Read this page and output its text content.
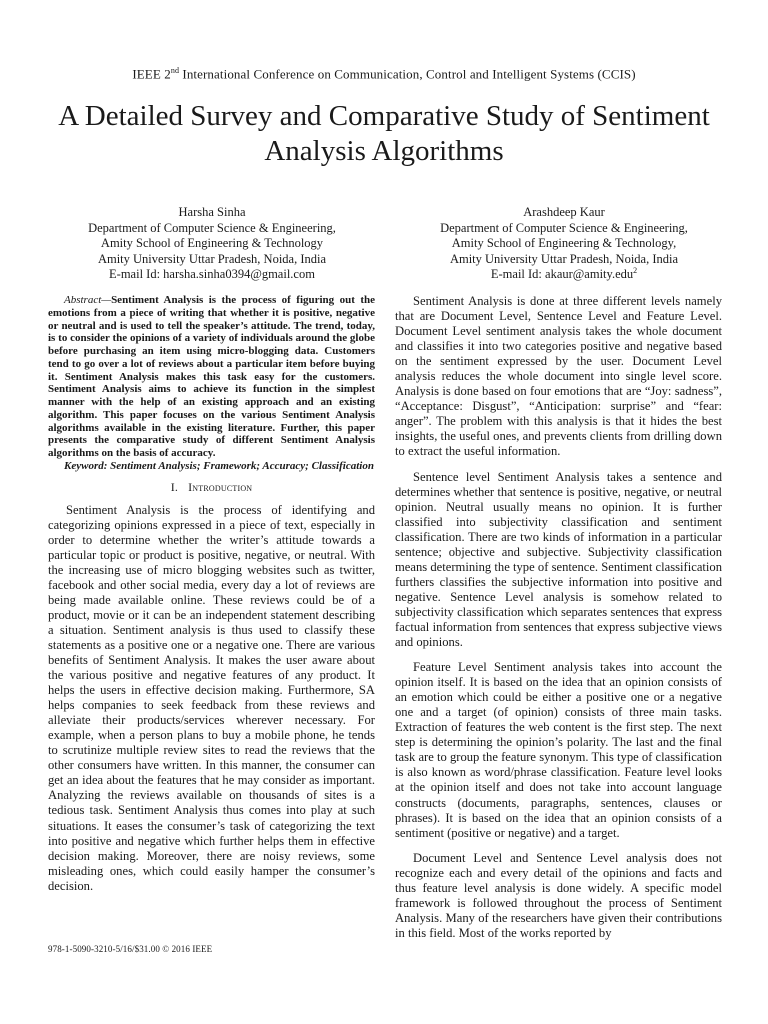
IEEE 2nd International Conference on Communication, Control and Intelligent Systems (CCIS)
A Detailed Survey and Comparative Study of Sentiment Analysis Algorithms
Harsha Sinha
Department of Computer Science & Engineering,
Amity School of Engineering & Technology
Amity University Uttar Pradesh, Noida, India
E-mail Id: harsha.sinha0394@gmail.com
Arashdeep Kaur
Department of Computer Science & Engineering,
Amity School of Engineering & Technology,
Amity University Uttar Pradesh, Noida, India
E-mail Id: akaur@amity.edu$^2$

Abstract—Sentiment Analysis is the process of figuring out the emotions from a piece of writing that whether it is positive, negative or neutral and is used to tell the speaker’s attitude. The trend, today, is to consider the opinions of a variety of individuals around the globe before purchasing an item using micro-blogging data. Customers tend to go over a lot of reviews about a particular item before buying it. Sentiment Analysis makes this task easy for the customers. Sentiment Analysis aims to achieve its function in the simplest manner with the help of an existing approach and an existing algorithm. This paper focuses on the various Sentiment Analysis algorithms available in the existing literature. Further, this paper presents the comparative study of different Sentiment Analysis algorithms on the basis of accuracy.

Keyword: Sentiment Analysis; Framework; Accuracy; Classification

I. Introduction

Sentiment Analysis is the process of identifying and categorizing opinions expressed in a piece of text, especially in order to determine whether the writer’s attitude towards a particular topic or product is positive, negative, or neutral. With the increasing use of micro blogging websites such as twitter, facebook and other social media, every day a lot of reviews are being made available online. These reviews could be of a product, movie or it can be an independent statement describing a situation. Sentiment analysis is thus used to classify these statements as a positive one or a negative one. There are various benefits of Sentiment Analysis. It makes the user aware about the various positive and negative features of any product. It helps the users in effective decision making. Furthermore, SA helps companies to seek feedback from these reviews and alleviate their products/services wherever necessary. For example, when a person plans to buy a mobile phone, he tends to scrutinize multiple review sites to read the reviews that the other consumers have written. In this manner, the consumer can get an idea about the features that he may consider as important. Analyzing the reviews available on thousands of sites is a tedious task. Sentiment Analysis thus comes into play at such situations. It eases the consumer’s task of categorizing the text into positive and negative which further helps them in effective decision making. Moreover, there are noisy reviews, some misleading ones, which could easily hamper the consumer’s decision.

Sentiment Analysis is done at three different levels namely that are Document Level, Sentence Level and Feature Level. Document Level sentiment analysis takes the whole document and classifies it into two categories positive and negative based on the sentiment expressed by the user. Document Level analysis reduces the whole document into single level score. Analysis is done based on four emotions that are “Joy: sadness”, “Acceptance: Disgust”, “Anticipation: surprise” and “fear: anger”. The problem with this analysis is that it hides the best insights, the useful ones, and prevents clients from drilling down to extract the useful information.

Sentence level Sentiment Analysis takes a sentence and determines whether that sentence is positive, negative, or neutral opinion. Neutral usually means no opinion. It is further classified into subjectivity classification and sentiment classification. There are two kinds of information in a particular sentence; objective and subjective. Subjectivity classification means determining the type of sentence. Sentiment classification furthers classifies the subjective information into positive and negative. Sentence Level analysis is somehow related to subjectivity classification which separates sentences that express factual information from sentences that express subjective views and opinions.

Feature Level Sentiment analysis takes into account the opinion itself. It is based on the idea that an opinion consists of an emotion which could be either a positive one or a negative one and a target (of opinion) consists of three main tasks. Extraction of features the web content is the first step. The next step is determining the opinion’s polarity. The last and the final task are to group the feature synonym. This type of classification is also known as word/phrase classification. Feature level looks at the opinion itself and does not take into account language constructs (documents, paragraphs, sentences, clauses or phrases). It is based on the idea that an opinion consists of a sentiment (positive or negative) and a target.

Document Level and Sentence Level analysis does not recognize each and every detail of the opinions and facts and thus feature level analysis is done widely. A specific model framework is followed throughout the process of Sentiment Analysis. Many of the researchers have given their contributions in this field. Most of the works reported by

978-1-5090-3210-5/16/$31.00 © 2016 IEEE
